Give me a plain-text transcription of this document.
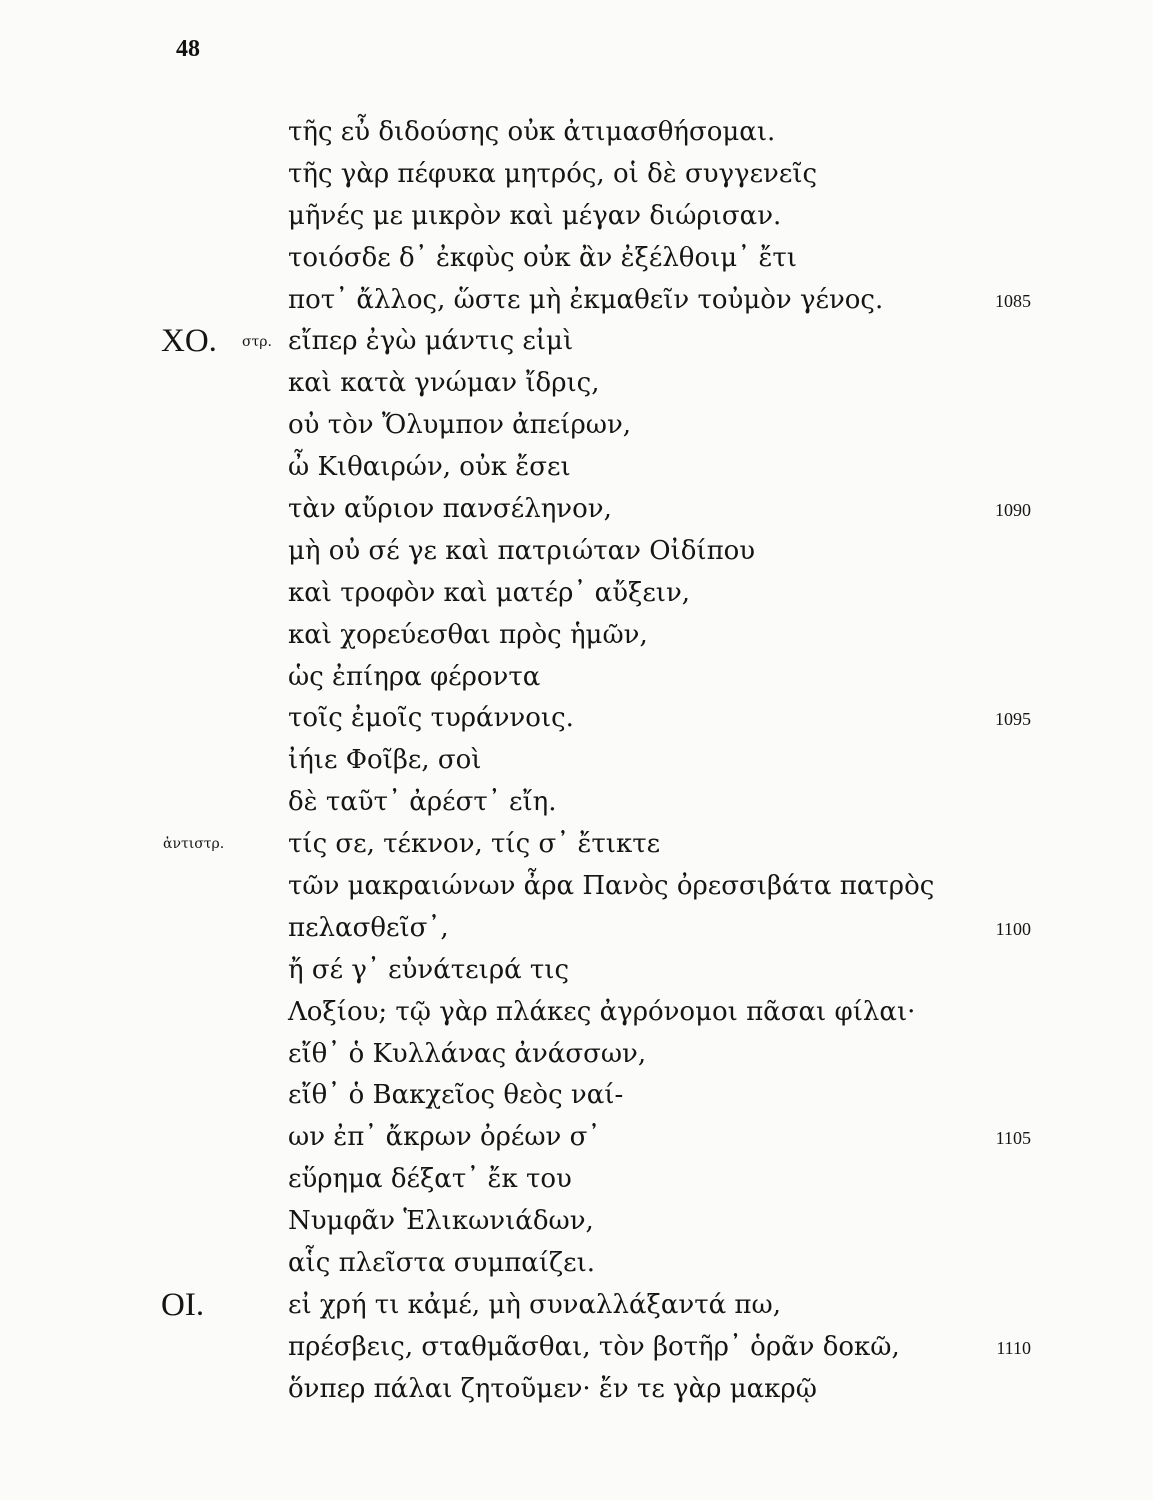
48
τῆς εὖ διδούσης οὐκ ἀτιμασθήσομαι.
τῆς γὰρ πέφυκα μητρός, οἱ δὲ συγγενεῖς
μῆνές με μικρὸν καὶ μέγαν διώρισαν.
τοιόσδε δ᾽ ἐκφὺς οὐκ ἂν ἐξέλθοιμ᾽ ἔτι
ποτ᾽ ἄλλος, ὥστε μὴ ἐκμαθεῖν τοὐμὸν γένος.	1085
ΧΟ. στρ. εἴπερ ἐγὼ μάντις εἰμὶ
καὶ κατὰ γνώμαν ἴδρις,
οὐ τὸν Ὄλυμπον ἀπείρων,
ὦ Κιθαιρών, οὐκ ἔσει
τὰν αὔριον πανσέληνον,	1090
μὴ οὐ σέ γε καὶ πατριώταν Οἰδίπου
καὶ τροφὸν καὶ ματέρ᾽ αὔξειν,
καὶ χορεύεσθαι πρὸς ἡμῶν,
ὡς ἐπίηρα φέροντα
τοῖς ἐμοῖς τυράννοις.	1095
ἰήιε Φοῖβε, σοὶ
δὲ ταῦτ᾽ ἀρέστ᾽ εἴη.
ἀντιστρ. τίς σε, τέκνον, τίς σ᾽ ἔτικτε
τῶν μακραιώνων ἆρα Πανὸς ὀρεσσιβάτα πατρὸς
πελασθεῖσ᾽,	1100
ἤ σέ γ᾽ εὐνάτειρά τις
Λοξίου; τῷ γὰρ πλάκες ἀγρόνομοι πᾶσαι φίλαι·
εἴθ᾽ ὁ Κυλλάνας ἀνάσσων,
εἴθ᾽ ὁ Βακχεῖος θεὸς ναί-
ων ἐπ᾽ ἄκρων ὀρέων σ᾽	1105
εὕρημα δέξατ᾽ ἔκ του
Νυμφᾶν Ἑλικωνιάδων,
αἷς πλεῖστα συμπαίζει.
ΟΙ.	εἰ χρή τι κἀμέ, μὴ συναλλάξαντά πω,
πρέσβεις, σταθμᾶσθαι, τὸν βοτῆρ᾽ ὁρᾶν δοκῶ,	1110
ὅνπερ πάλαι ζητοῦμεν· ἔν τε γὰρ μακρῷ
